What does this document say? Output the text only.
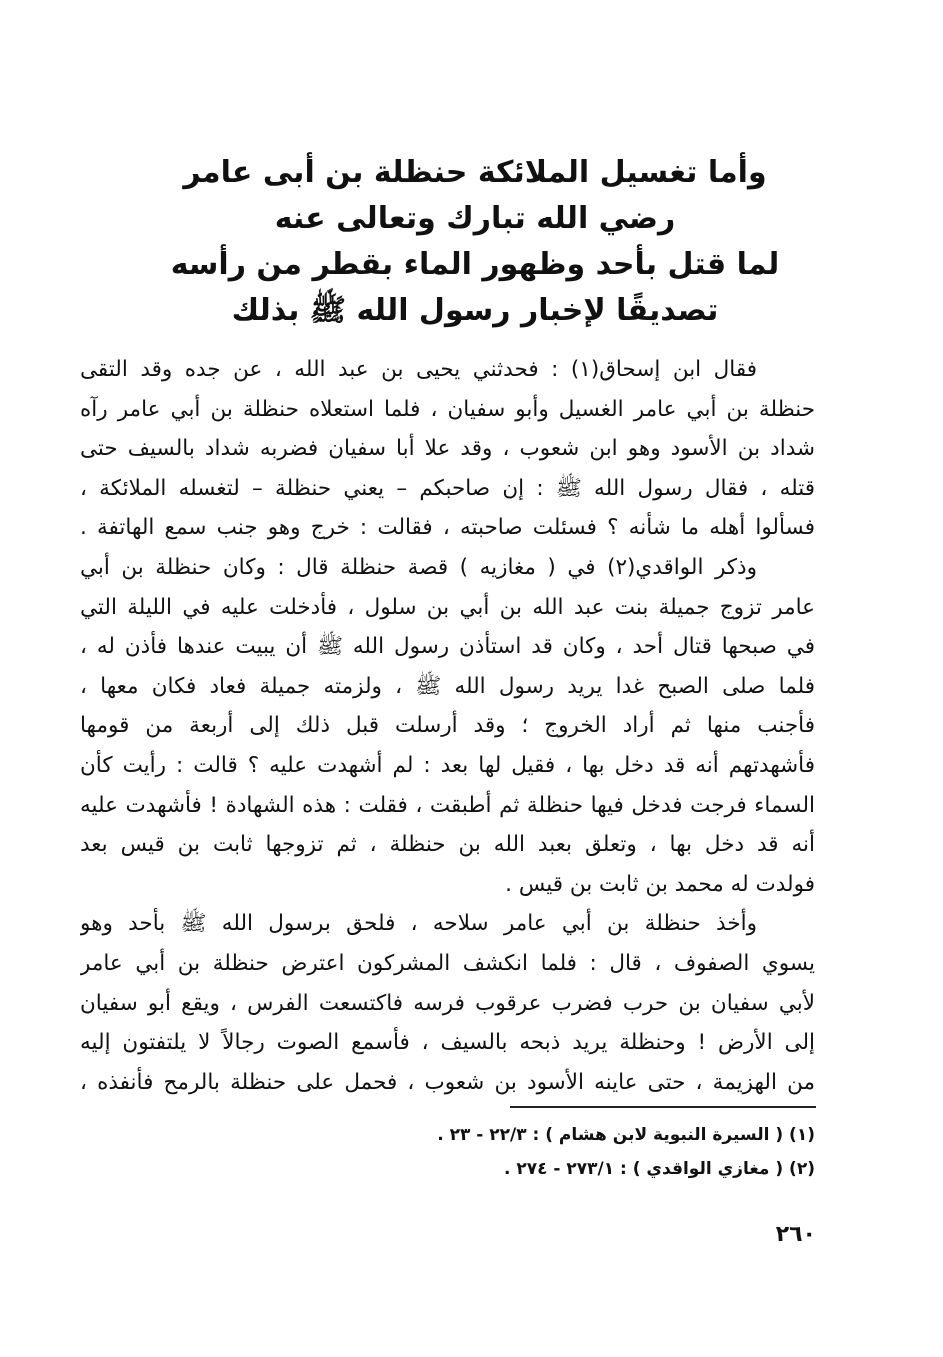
وأما تغسيل الملائكة حنظلة بن أبى عامر
رضي الله تبارك وتعالى عنه
لما قتل بأحد وظهور الماء بقطر من رأسه
تصديقًا لإخبار رسول الله ﷺ بذلك
فقال ابن إسحاق(١) : فحدثني يحيى بن عبد الله ، عن جده وقد التقى
حنظلة بن أبي عامر الغسيل وأبو سفيان ، فلما استعلاه حنظلة بن أبي عامر رآه
شداد بن الأسود وهو ابن شعوب ، وقد علا أبا سفيان فضربه شداد بالسيف حتى
قتله ، فقال رسول الله ﷺ : إن صاحبكم – يعني حنظلة – لتغسله الملائكة ،
فسألوا أهله ما شأنه ؟ فسئلت صاحبته ، فقالت : خرج وهو جنب سمع الهاتفة .
وذكر الواقدي(٢) في ( مغازيه ) قصة حنظلة قال : وكان حنظلة بن أبي
عامر تزوج جميلة بنت عبد الله بن أبي بن سلول ، فأدخلت عليه في الليلة التي
في صبحها قتال أحد ، وكان قد استأذن رسول الله ﷺ أن يبيت عندها فأذن له ،
فلما صلى الصبح غدا يريد رسول الله ﷺ ، ولزمته جميلة فعاد فكان معها ،
فأجنب منها ثم أراد الخروج ؛ وقد أرسلت قبل ذلك إلى أربعة من قومها
فأشهدتهم أنه قد دخل بها ، فقيل لها بعد : لم أشهدت عليه ؟ قالت : رأيت كأن
السماء فرجت فدخل فيها حنظلة ثم أطبقت ، فقلت : هذه الشهادة ! فأشهدت عليه
أنه قد دخل بها ، وتعلق بعبد الله بن حنظلة ، ثم تزوجها ثابت بن قيس بعد
فولدت له محمد بن ثابت بن قيس .
وأخذ حنظلة بن أبي عامر سلاحه ، فلحق برسول الله ﷺ بأحد وهو
يسوي الصفوف ، قال : فلما انكشف المشركون اعترض حنظلة بن أبي عامر
لأبي سفيان بن حرب فضرب عرقوب فرسه فاكتسعت الفرس ، ويقع أبو سفيان
إلى الأرض ! وحنظلة يريد ذبحه بالسيف ، فأسمع الصوت رجالاً لا يلتفتون إليه
من الهزيمة ، حتى عاينه الأسود بن شعوب ، فحمل على حنظلة بالرمح فأنفذه ،
(١) ( السيرة النبوية لابن هشام ) : ٢٢/٣ - ٢٣ .
(٢) ( مغازي الواقدي ) : ٢٧٣/١ - ٢٧٤ .
٢٦٠
